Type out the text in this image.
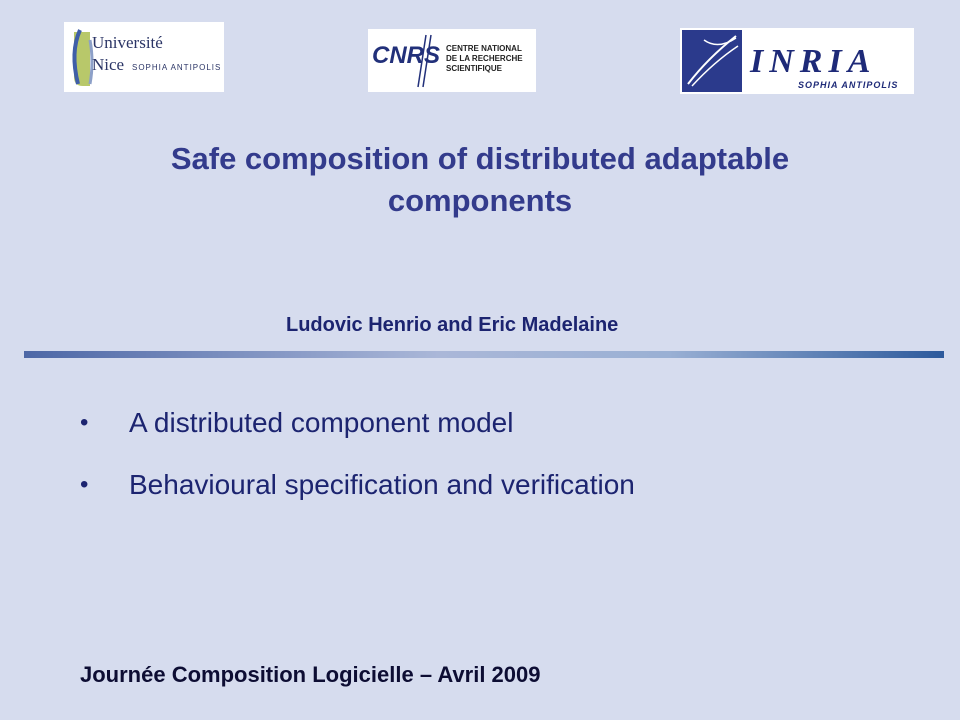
Université
Nice SOPHIA ANTIPOLIS	CNRS CENTRE NATIONAL
DE LA RECHERCHE
SCIENTIFIQUE	INRIA
SOPHIA ANTIPOLIS
Safe composition of distributed adaptable
components
Ludovic Henrio and Eric Madelaine
•	A distributed component model
•	Behavioural specification and verification
Journée Composition Logicielle – Avril 2009
